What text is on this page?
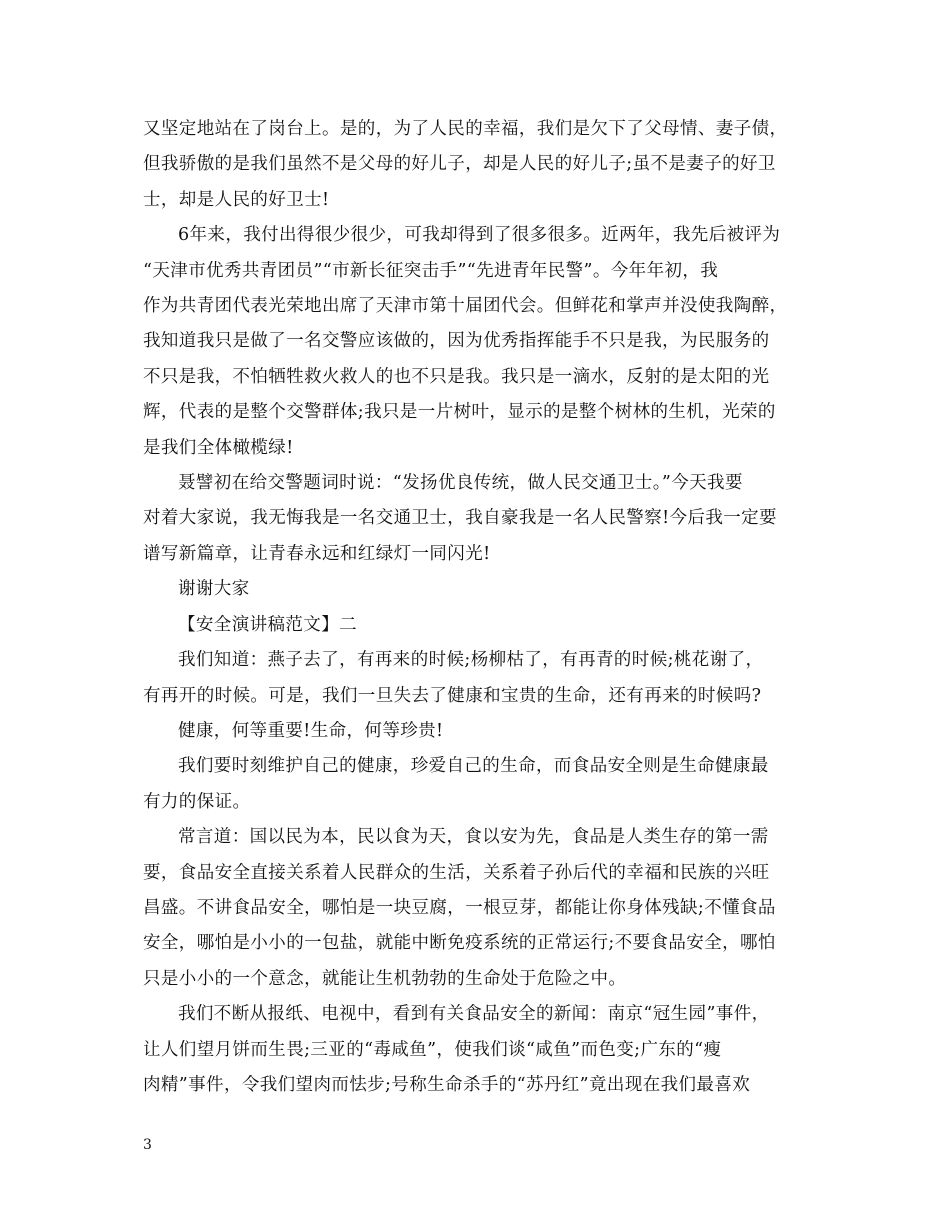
又坚定地站在了岗台上。是的，为了人民的幸福，我们是欠下了父母情、妻子债，
但我骄傲的是我们虽然不是父母的好儿子，却是人民的好儿子;虽不是妻子的好卫
士，却是人民的好卫士!

6年来，我付出得很少很少，可我却得到了很多很多。近两年，我先后被评为
“天津市优秀共青团员”“市新长征突击手”“先进青年民警”。今年年初，我
作为共青团代表光荣地出席了天津市第十届团代会。但鲜花和掌声并没使我陶醉，
我知道我只是做了一名交警应该做的，因为优秀指挥能手不只是我，为民服务的
不只是我，不怕牺牲救火救人的也不只是我。我只是一滴水，反射的是太阳的光
辉，代表的是整个交警群体;我只是一片树叶，显示的是整个树林的生机，光荣的
是我们全体橄榄绿!

聂譬初在给交警题词时说：“发扬优良传统，做人民交通卫士。”今天我要
对着大家说，我无悔我是一名交通卫士，我自豪我是一名人民警察!今后我一定要
谱写新篇章，让青春永远和红绿灯一同闪光!

谢谢大家

【安全演讲稿范文】二

我们知道：燕子去了，有再来的时候;杨柳枯了，有再青的时候;桃花谢了，
有再开的时候。可是，我们一旦失去了健康和宝贵的生命，还有再来的时候吗?

健康，何等重要!生命，何等珍贵!

我们要时刻维护自己的健康，珍爱自己的生命，而食品安全则是生命健康最
有力的保证。

常言道：国以民为本，民以食为天，食以安为先，食品是人类生存的第一需
要，食品安全直接关系着人民群众的生活，关系着子孙后代的幸福和民族的兴旺
昌盛。不讲食品安全，哪怕是一块豆腐，一根豆芽，都能让你身体残缺;不懂食品
安全，哪怕是小小的一包盐，就能中断免疫系统的正常运行;不要食品安全，哪怕
只是小小的一个意念，就能让生机勃勃的生命处于危险之中。

我们不断从报纸、电视中，看到有关食品安全的新闻：南京“冠生园”事件，
让人们望月饼而生畏;三亚的“毒咸鱼”，使我们谈“咸鱼”而色变;广东的“瘦
肉精”事件，令我们望肉而怯步;号称生命杀手的“苏丹红”竟出现在我们最喜欢

3
